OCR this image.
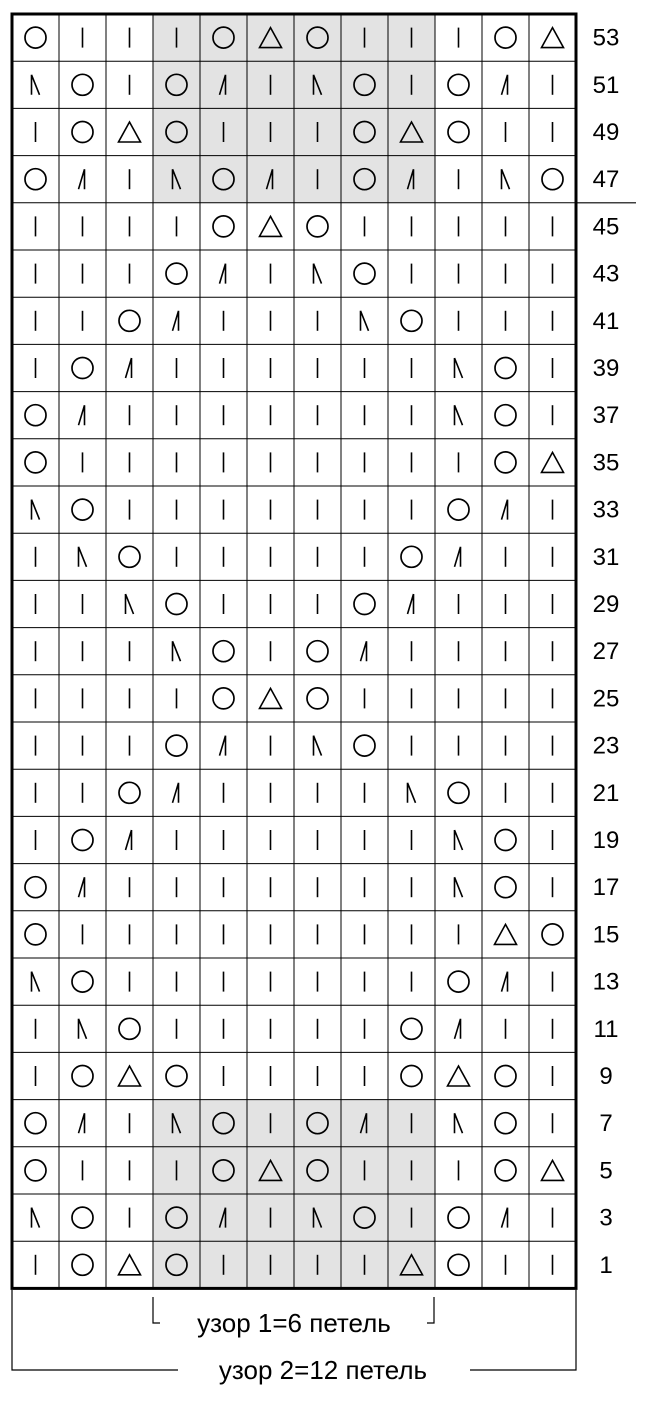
53
51
49
47
45
43
41
39
37
35
33
31
29
27
25
23
21
19
17
15
13
11
9
7
5
3
1
узор 1=6 петель
узор 2=12 петель
